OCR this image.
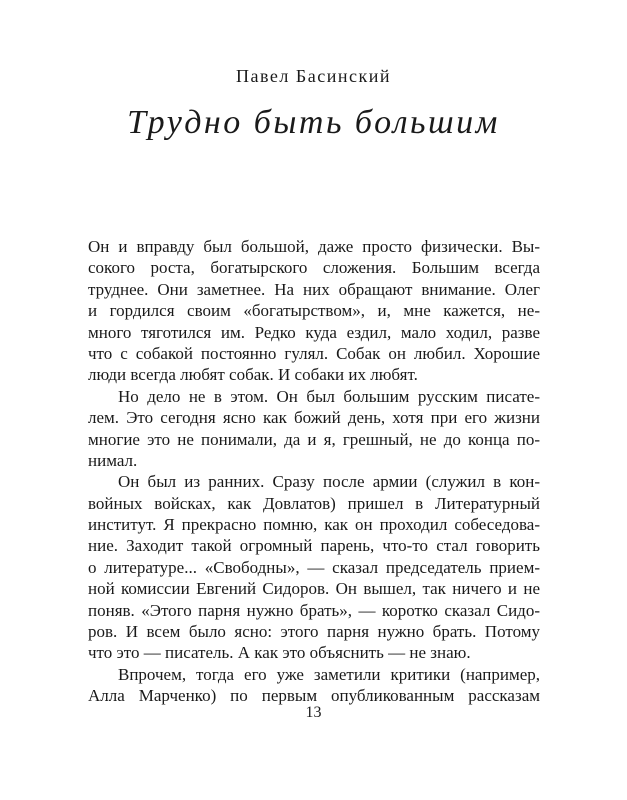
Павел Басинский
Трудно быть большим
Он и вправду был большой, даже просто физически. Вы-
сокого роста, богатырского сложения. Большим всегда
труднее. Они заметнее. На них обращают внимание. Олег
и гордился своим «богатырством», и, мне кажется, не-
много тяготился им. Редко куда ездил, мало ходил, разве
что с собакой постоянно гулял. Собак он любил. Хорошие
люди всегда любят собак. И собаки их любят.
Но дело не в этом. Он был большим русским писате-
лем. Это сегодня ясно как божий день, хотя при его жизни
многие это не понимали, да и я, грешный, не до конца по-
нимал.
Он был из ранних. Сразу после армии (служил в кон-
войных войсках, как Довлатов) пришел в Литературный
институт. Я прекрасно помню, как он проходил собеседова-
ние. Заходит такой огромный парень, что-то стал говорить
о литературе... «Свободны», — сказал председатель прием-
ной комиссии Евгений Сидоров. Он вышел, так ничего и не
поняв. «Этого парня нужно брать», — коротко сказал Сидо-
ров. И всем было ясно: этого парня нужно брать. Потому
что это — писатель. А как это объяснить — не знаю.
Впрочем, тогда его уже заметили критики (например,
Алла Марченко) по первым опубликованным рассказам
13
